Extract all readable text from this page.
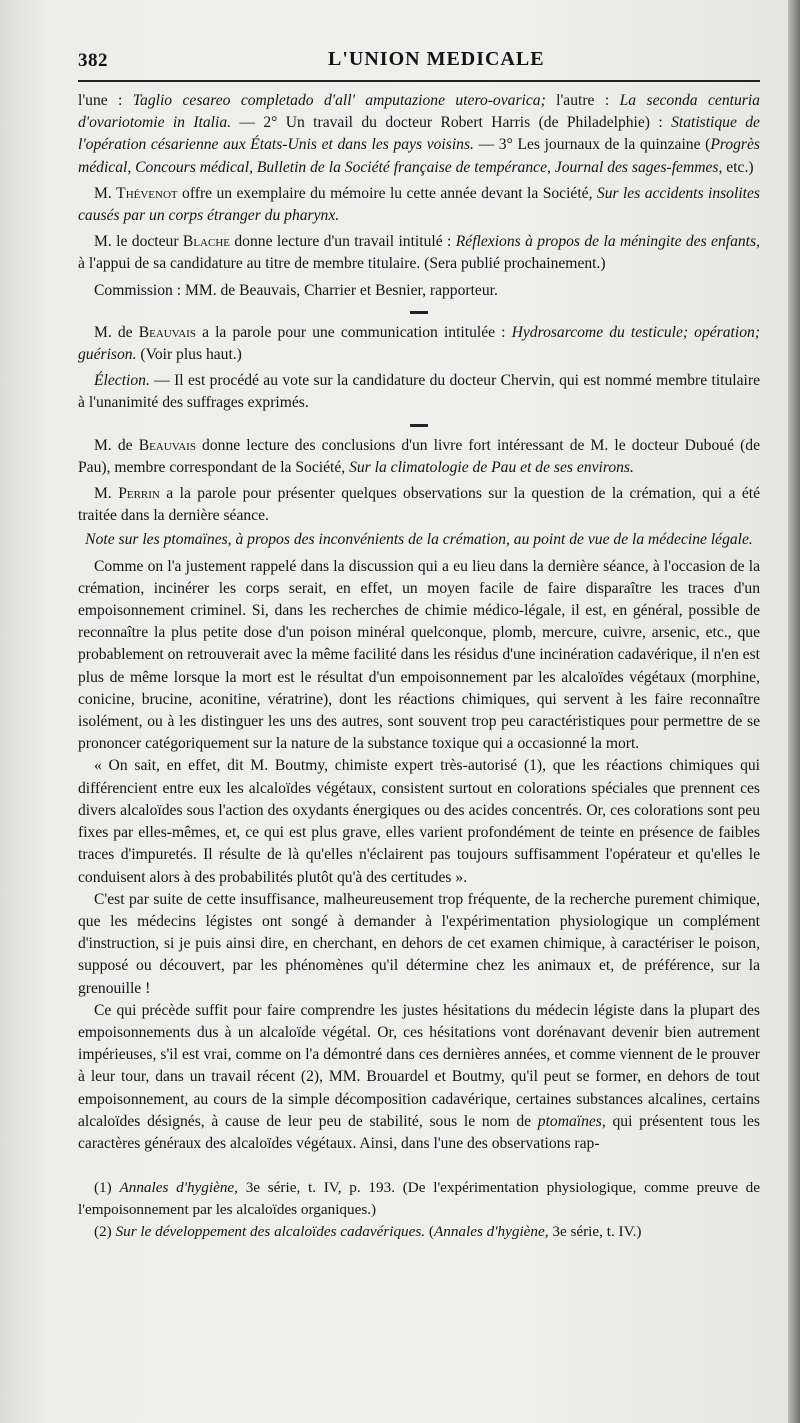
382	L'UNION MEDICALE

l'une : Taglio cesareo completado d'all' amputazione utero-ovarica; l'autre : La seconda centuria d'ovariotomie in Italia. — 2° Un travail du docteur Robert Harris (de Philadelphie) : Statistique de l'opération césarienne aux États-Unis et dans les pays voisins. — 3° Les journaux de la quinzaine (Progrès médical, Concours médical, Bulletin de la Société française de tempérance, Journal des sages-femmes, etc.)

M. Thévenot offre un exemplaire du mémoire lu cette année devant la Société, Sur les accidents insolites causés par un corps étranger du pharynx.

M. le docteur Blache donne lecture d'un travail intitulé : Réflexions à propos de la méningite des enfants, à l'appui de sa candidature au titre de membre titulaire. (Sera publié prochainement.)

Commission : MM. de Beauvais, Charrier et Besnier, rapporteur.

M. de Beauvais a la parole pour une communication intitulée : Hydrosarcome du testicule; opération; guérison. (Voir plus haut.)

Élection. — Il est procédé au vote sur la candidature du docteur Chervin, qui est nommé membre titulaire à l'unanimité des suffrages exprimés.

M. de Beauvais donne lecture des conclusions d'un livre fort intéressant de M. le docteur Duboué (de Pau), membre correspondant de la Société, Sur la climatologie de Pau et de ses environs.

M. Perrin a la parole pour présenter quelques observations sur la question de la crémation, qui a été traitée dans la dernière séance.

Note sur les ptomaïnes, à propos des inconvénients de la crémation, au point de vue de la médecine légale.

Comme on l'a justement rappelé dans la discussion qui a eu lieu dans la dernière séance, à l'occasion de la crémation, incinérer les corps serait, en effet, un moyen facile de faire disparaître les traces d'un empoisonnement criminel. Si, dans les recherches de chimie médico-légale, il est, en général, possible de reconnaître la plus petite dose d'un poison minéral quelconque, plomb, mercure, cuivre, arsenic, etc., que probablement on retrouverait avec la même facilité dans les résidus d'une incinération cadavérique, il n'en est plus de même lorsque la mort est le résultat d'un empoisonnement par les alcaloïdes végétaux (morphine, conicine, brucine, aconitine, vératrine), dont les réactions chimiques, qui servent à les faire reconnaître isolément, ou à les distinguer les uns des autres, sont souvent trop peu caractéristiques pour permettre de se prononcer catégoriquement sur la nature de la substance toxique qui a occasionné la mort.

« On sait, en effet, dit M. Boutmy, chimiste expert très-autorisé (1), que les réactions chimiques qui différencient entre eux les alcaloïdes végétaux, consistent surtout en colorations spéciales que prennent ces divers alcaloïdes sous l'action des oxydants énergiques ou des acides concentrés. Or, ces colorations sont peu fixes par elles-mêmes, et, ce qui est plus grave, elles varient profondément de teinte en présence de faibles traces d'impuretés. Il résulte de là qu'elles n'éclairent pas toujours suffisamment l'opérateur et qu'elles le conduisent alors à des probabilités plutôt qu'à des certitudes ».

C'est par suite de cette insuffisance, malheureusement trop fréquente, de la recherche purement chimique, que les médecins légistes ont songé à demander à l'expérimentation physiologique un complément d'instruction, si je puis ainsi dire, en cherchant, en dehors de cet examen chimique, à caractériser le poison, supposé ou découvert, par les phénomènes qu'il détermine chez les animaux et, de préférence, sur la grenouille !

Ce qui précède suffit pour faire comprendre les justes hésitations du médecin légiste dans la plupart des empoisonnements dus à un alcaloïde végétal. Or, ces hésitations vont dorénavant devenir bien autrement impérieuses, s'il est vrai, comme on l'a démontré dans ces dernières années, et comme viennent de le prouver à leur tour, dans un travail récent (2), MM. Brouardel et Boutmy, qu'il peut se former, en dehors de tout empoisonnement, au cours de la simple décomposition cadavérique, certaines substances alcalines, certains alcaloïdes désignés, à cause de leur peu de stabilité, sous le nom de ptomaïnes, qui présentent tous les caractères généraux des alcaloïdes végétaux. Ainsi, dans l'une des observations rap-

(1) Annales d'hygiène, 3e série, t. IV, p. 193. (De l'expérimentation physiologique, comme preuve de l'empoisonnement par les alcaloïdes organiques.)

(2) Sur le développement des alcaloïdes cadavériques. (Annales d'hygiène, 3e série, t. IV.)
